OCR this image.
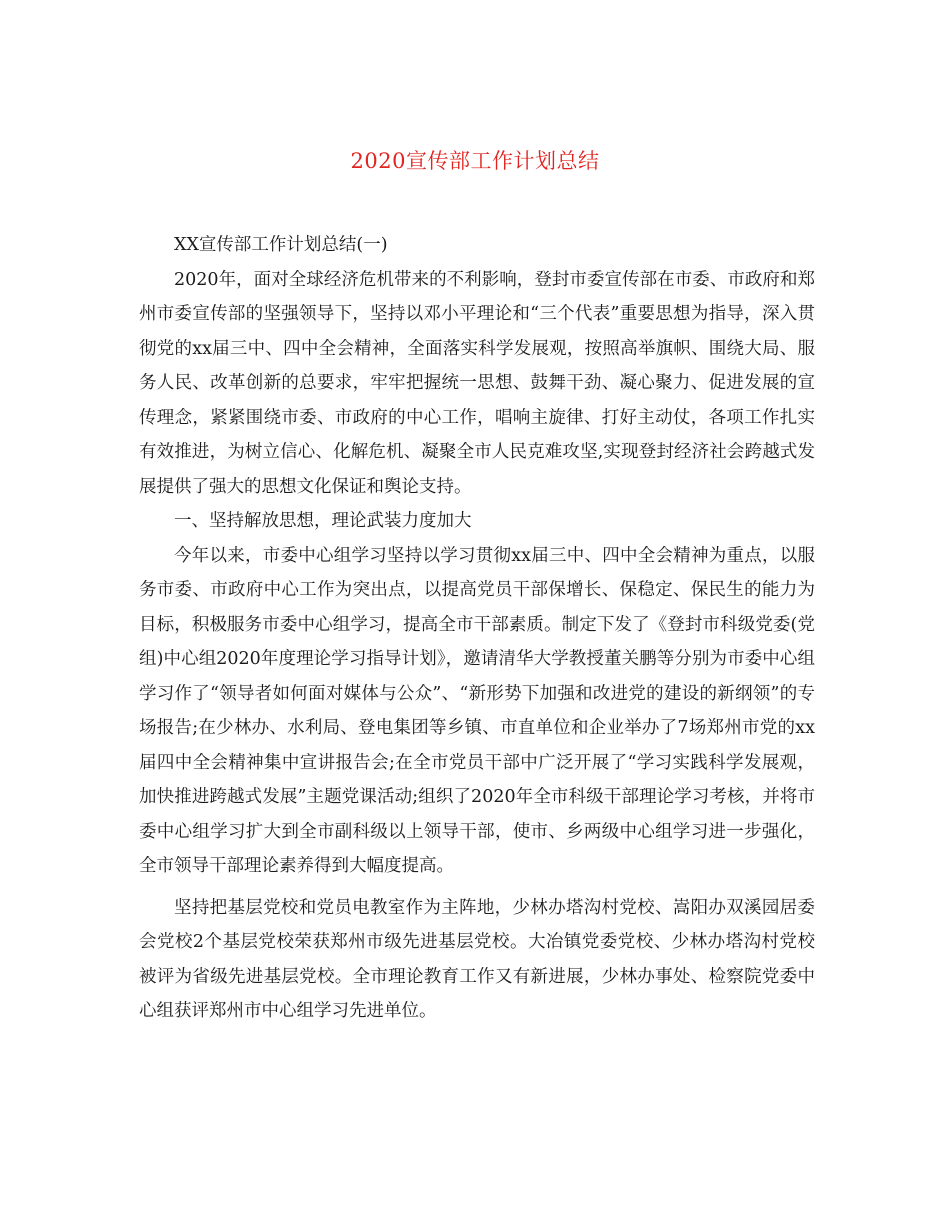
2020宣传部工作计划总结

XX宣传部工作计划总结(一)

2020年，面对全球经济危机带来的不利影响，登封市委宣传部在市委、市政府和郑州市委宣传部的坚强领导下，坚持以邓小平理论和“三个代表”重要思想为指导，深入贯彻党的xx届三中、四中全会精神，全面落实科学发展观，按照高举旗帜、围绕大局、服务人民、改革创新的总要求，牢牢把握统一思想、鼓舞干劲、凝心聚力、促进发展的宣传理念，紧紧围绕市委、市政府的中心工作，唱响主旋律、打好主动仗，各项工作扎实有效推进，为树立信心、化解危机、凝聚全市人民克难攻坚,实现登封经济社会跨越式发展提供了强大的思想文化保证和舆论支持。

一、坚持解放思想，理论武装力度加大

今年以来，市委中心组学习坚持以学习贯彻xx届三中、四中全会精神为重点，以服务市委、市政府中心工作为突出点，以提高党员干部保增长、保稳定、保民生的能力为目标，积极服务市委中心组学习，提高全市干部素质。制定下发了《登封市科级党委(党组)中心组2020年度理论学习指导计划》，邀请清华大学教授董关鹏等分别为市委中心组学习作了“领导者如何面对媒体与公众”、“新形势下加强和改进党的建设的新纲领”的专场报告;在少林办、水利局、登电集团等乡镇、市直单位和企业举办了7场郑州市党的xx届四中全会精神集中宣讲报告会;在全市党员干部中广泛开展了“学习实践科学发展观，加快推进跨越式发展”主题党课活动;组织了2020年全市科级干部理论学习考核，并将市委中心组学习扩大到全市副科级以上领导干部，使市、乡两级中心组学习进一步强化，全市领导干部理论素养得到大幅度提高。

坚持把基层党校和党员电教室作为主阵地，少林办塔沟村党校、嵩阳办双溪园居委会党校2个基层党校荣获郑州市级先进基层党校。大冶镇党委党校、少林办塔沟村党校被评为省级先进基层党校。全市理论教育工作又有新进展，少林办事处、检察院党委中心组获评郑州市中心组学习先进单位。
